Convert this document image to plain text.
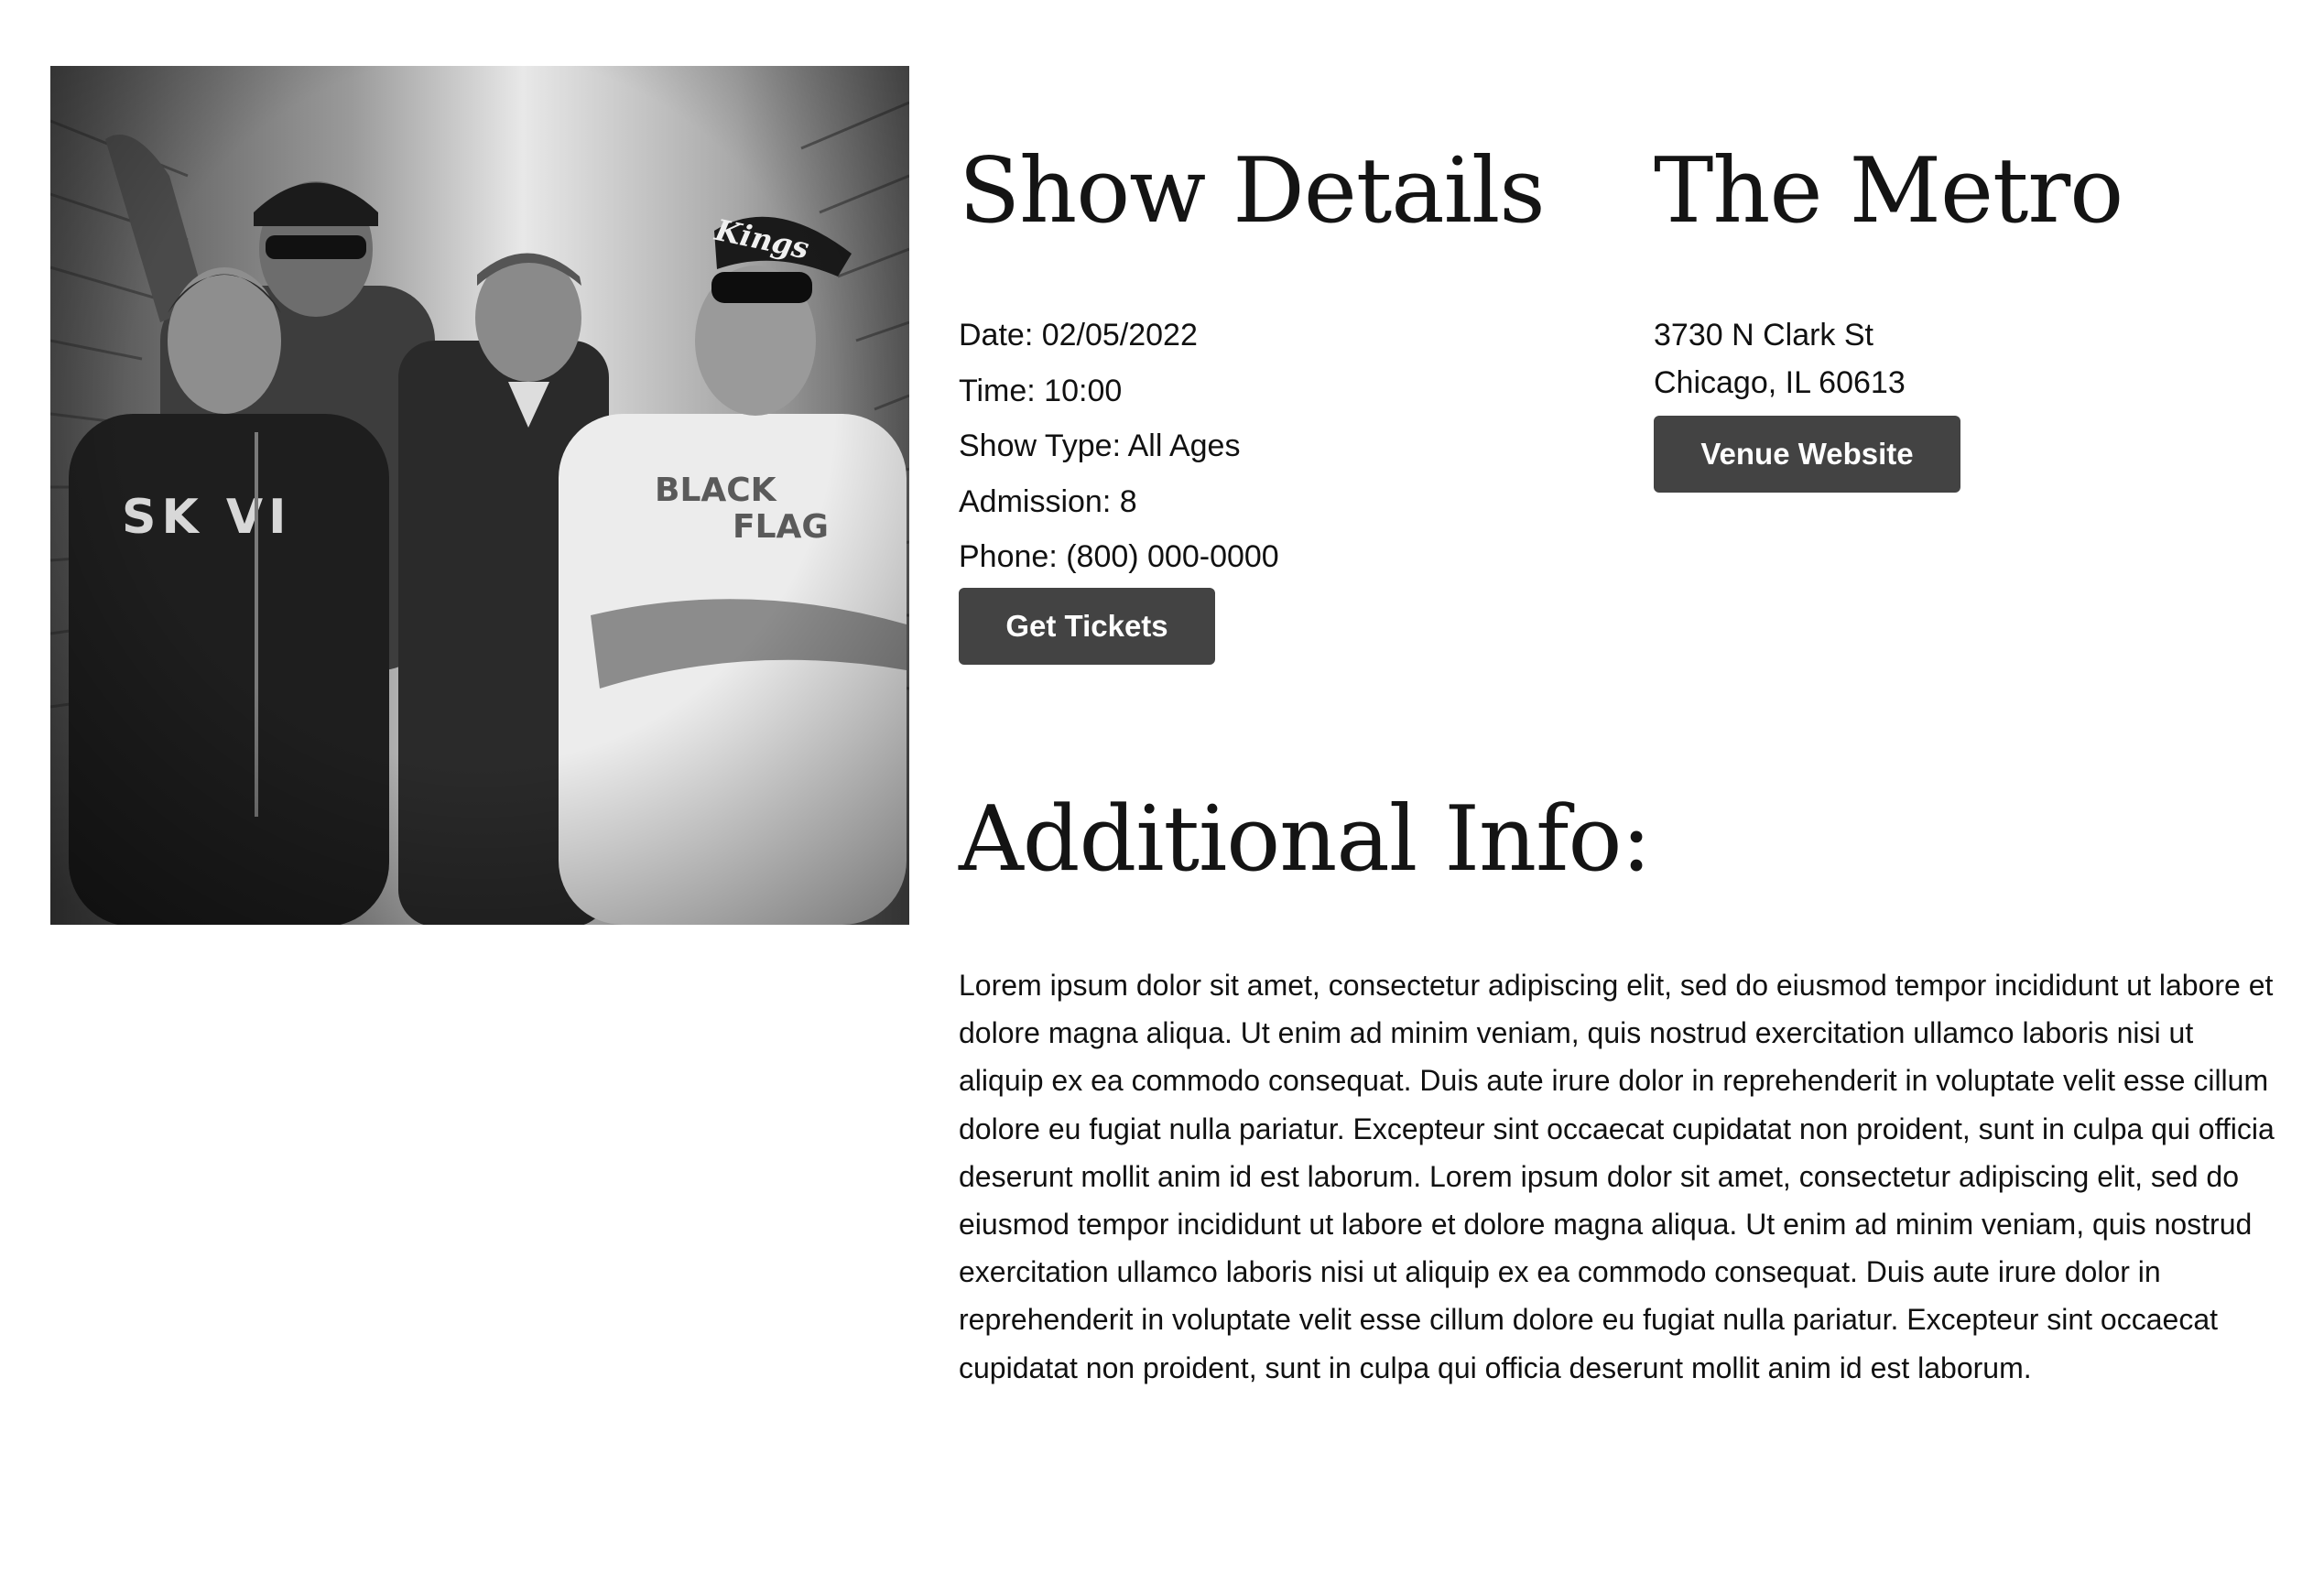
Show Details
Date: 02/05/2022
Time: 10:00
Show Type: All Ages
Admission: 8
Phone: (800) 000-0000
Get Tickets
The Metro
3730 N Clark St
Chicago, IL 60613
Venue Website
Additional Info:

Lorem ipsum dolor sit amet, consectetur adipiscing elit, sed do eiusmod tempor incididunt ut labore et dolore magna aliqua. Ut enim ad minim veniam, quis nostrud exercitation ullamco laboris nisi ut aliquip ex ea commodo consequat. Duis aute irure dolor in reprehenderit in voluptate velit esse cillum dolore eu fugiat nulla pariatur. Excepteur sint occaecat cupidatat non proident, sunt in culpa qui officia deserunt mollit anim id est laborum. Lorem ipsum dolor sit amet, consectetur adipiscing elit, sed do eiusmod tempor incididunt ut labore et dolore magna aliqua. Ut enim ad minim veniam, quis nostrud exercitation ullamco laboris nisi ut aliquip ex ea commodo consequat. Duis aute irure dolor in reprehenderit in voluptate velit esse cillum dolore eu fugiat nulla pariatur. Excepteur sint occaecat cupidatat non proident, sunt in culpa qui officia deserunt mollit anim id est laborum.
